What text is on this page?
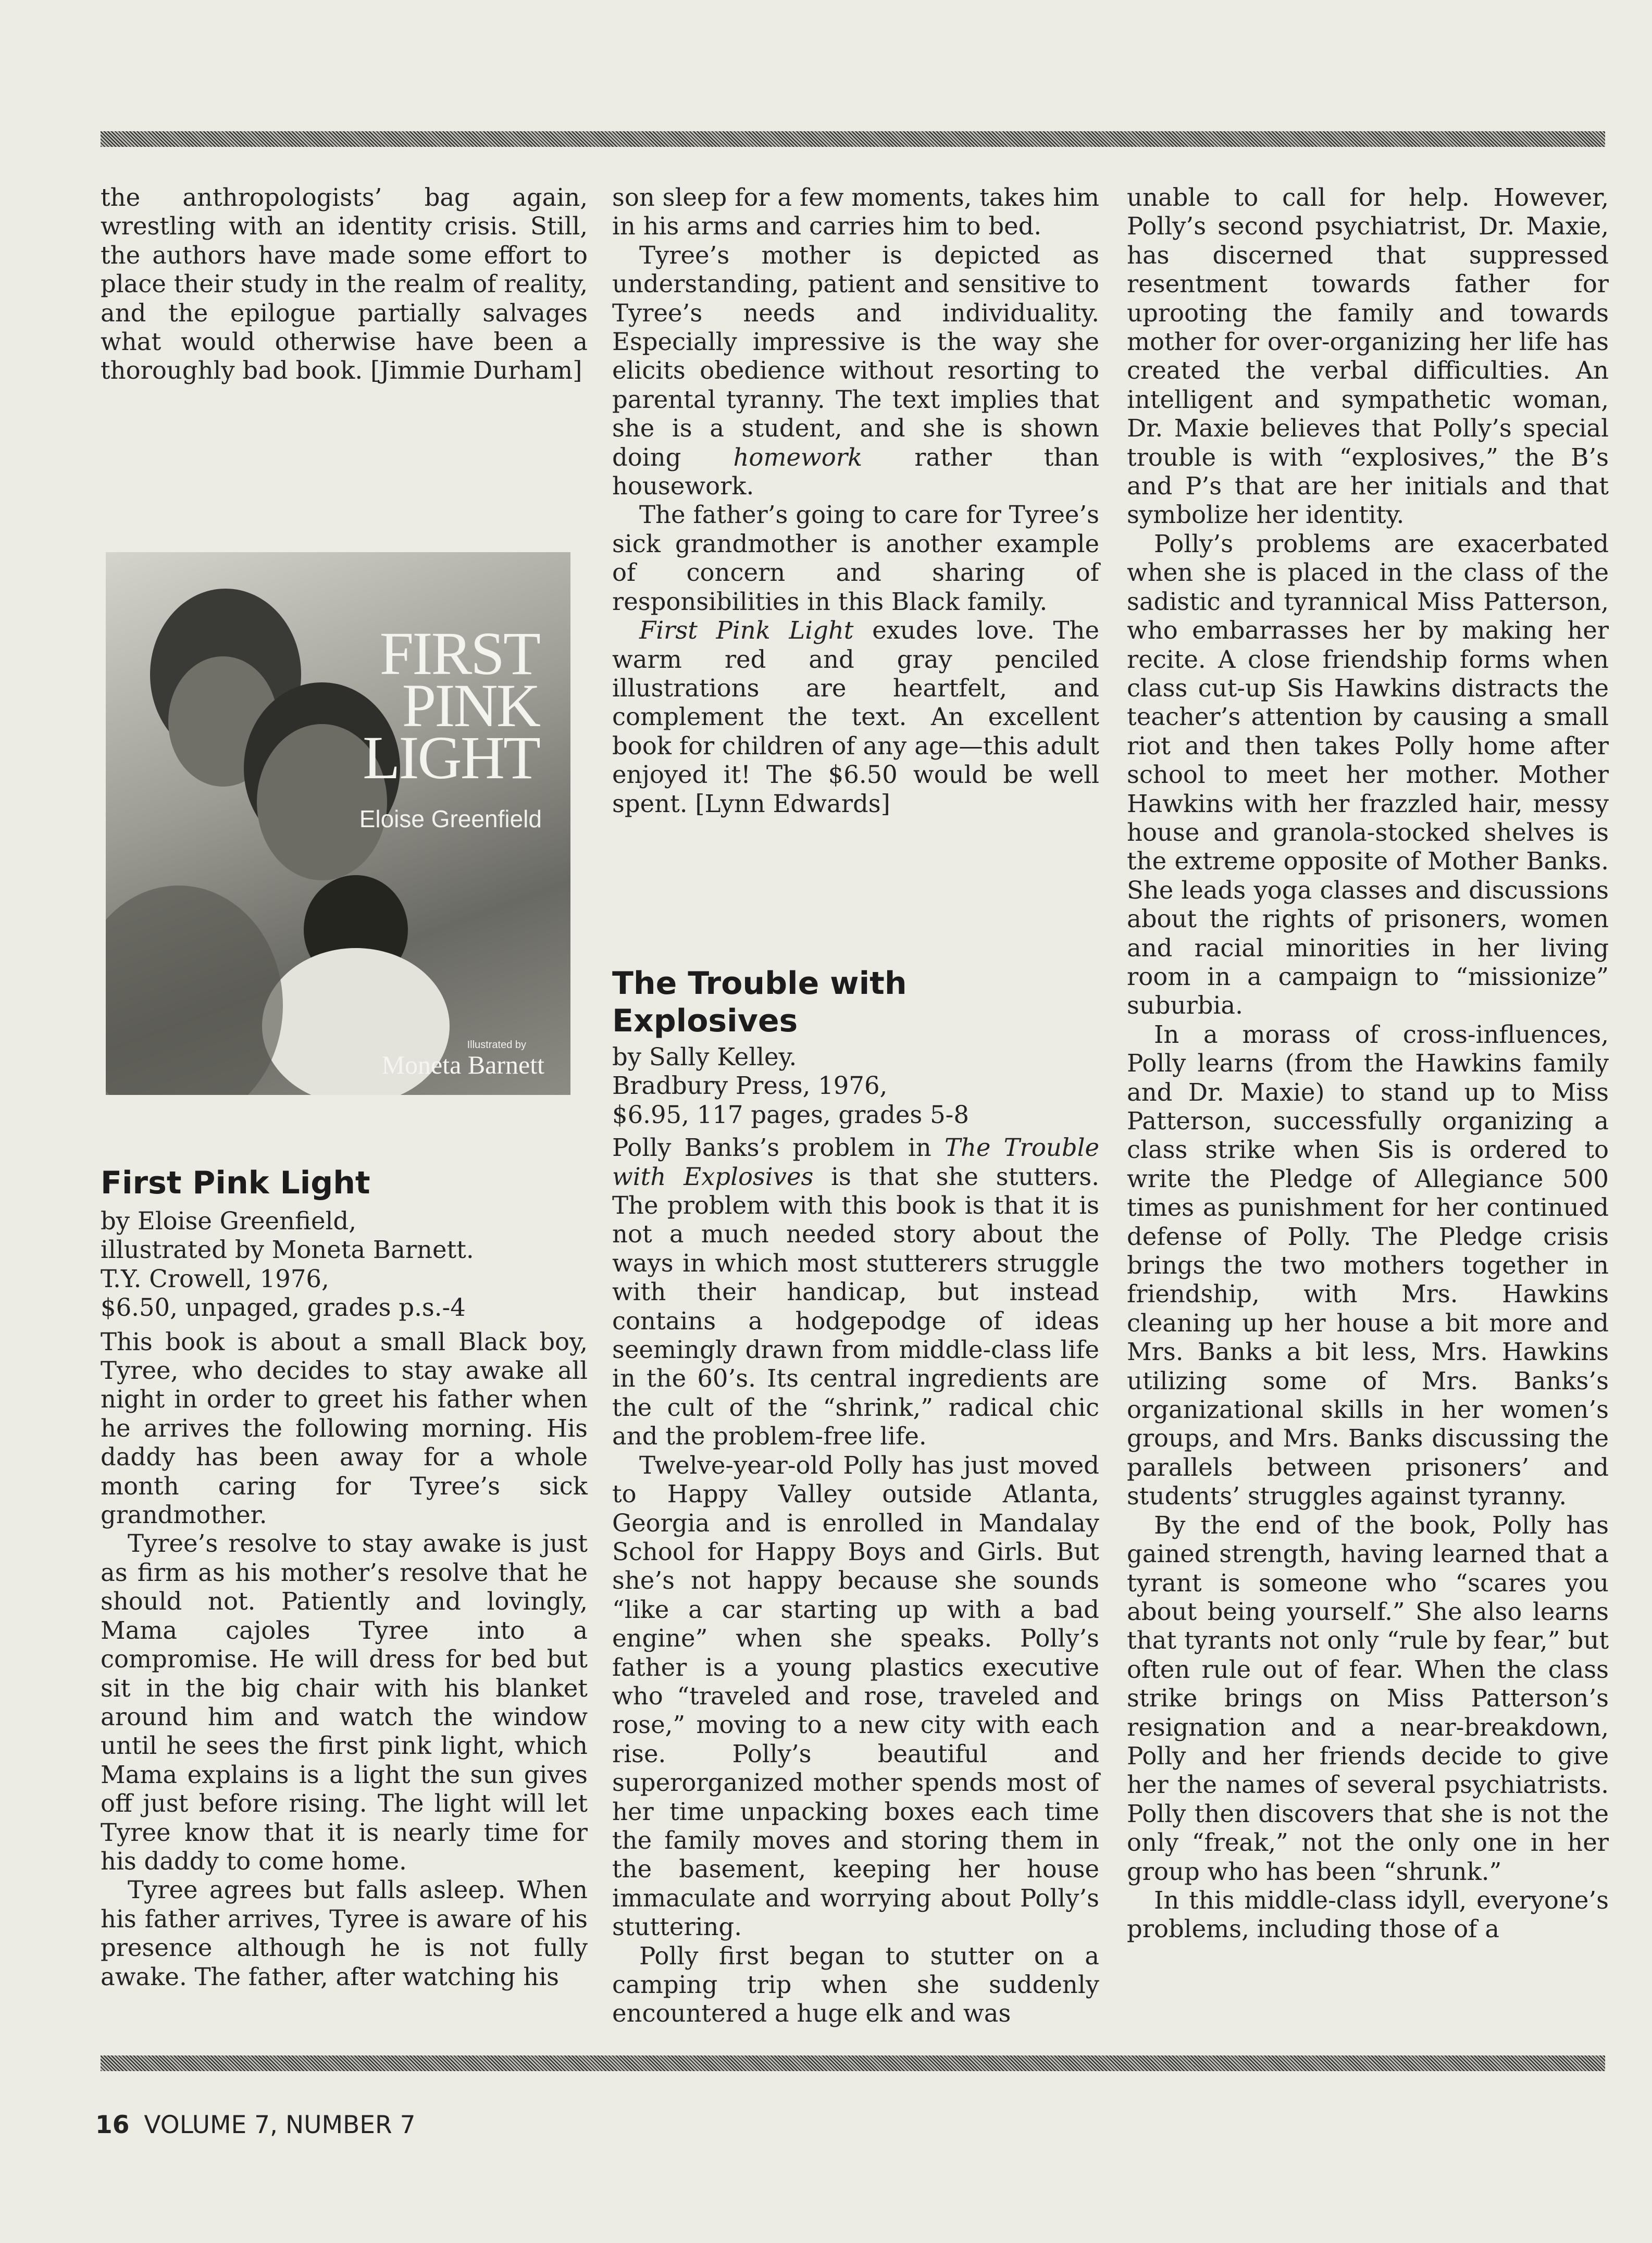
the anthropologists’ bag again, wrestling with an identity crisis. Still, the authors have made some effort to place their study in the realm of reality, and the epilogue partially salvages what would otherwise have been a thoroughly bad book. [Jimmie Durham]

FIRST
PINK
LIGHT
Eloise Greenfield
Illustrated by
Moneta Barnett
First Pink Light
by Eloise Greenfield,
illustrated by Moneta Barnett.
T.Y. Crowell, 1976,
$6.50, unpaged, grades p.s.-4

This book is about a small Black boy, Tyree, who decides to stay awake all night in order to greet his father when he arrives the following morning. His daddy has been away for a whole month caring for Tyree’s sick grandmother.

Tyree’s resolve to stay awake is just as firm as his mother’s resolve that he should not. Patiently and lovingly, Mama cajoles Tyree into a compromise. He will dress for bed but sit in the big chair with his blanket around him and watch the window until he sees the first pink light, which Mama explains is a light the sun gives off just before rising. The light will let Tyree know that it is nearly time for his daddy to come home.

Tyree agrees but falls asleep. When his father arrives, Tyree is aware of his presence although he is not fully awake. The father, after watching his

son sleep for a few moments, takes him in his arms and carries him to bed.

Tyree’s mother is depicted as understanding, patient and sensitive to Tyree’s needs and individuality. Especially impressive is the way she elicits obedience without resorting to parental tyranny. The text implies that she is a student, and she is shown doing homework rather than housework.

The father’s going to care for Tyree’s sick grandmother is another example of concern and sharing of responsibilities in this Black family.

First Pink Light exudes love. The warm red and gray penciled illustrations are heartfelt, and complement the text. An excellent book for children of any age—this adult enjoyed it! The $6.50 would be well spent. [Lynn Edwards]

The Trouble with Explosives
by Sally Kelley.
Bradbury Press, 1976,
$6.95, 117 pages, grades 5-8

Polly Banks’s problem in The Trouble with Explosives is that she stutters. The problem with this book is that it is not a much needed story about the ways in which most stutterers struggle with their handicap, but instead contains a hodgepodge of ideas seemingly drawn from middle-class life in the 60’s. Its central ingredients are the cult of the “shrink,” radical chic and the problem-free life.

Twelve-year-old Polly has just moved to Happy Valley outside Atlanta, Georgia and is enrolled in Mandalay School for Happy Boys and Girls. But she’s not happy because she sounds “like a car starting up with a bad engine” when she speaks. Polly’s father is a young plastics executive who “traveled and rose, traveled and rose,” moving to a new city with each rise. Polly’s beautiful and superorganized mother spends most of her time unpacking boxes each time the family moves and storing them in the basement, keeping her house immaculate and worrying about Polly’s stuttering.

Polly first began to stutter on a camping trip when she suddenly encountered a huge elk and was

unable to call for help. However, Polly’s second psychiatrist, Dr. Maxie, has discerned that suppressed resentment towards father for uprooting the family and towards mother for over-organizing her life has created the verbal difficulties. An intelligent and sympathetic woman, Dr. Maxie believes that Polly’s special trouble is with “explosives,” the B’s and P’s that are her initials and that symbolize her identity.

Polly’s problems are exacerbated when she is placed in the class of the sadistic and tyrannical Miss Patterson, who embarrasses her by making her recite. A close friendship forms when class cut-up Sis Hawkins distracts the teacher’s attention by causing a small riot and then takes Polly home after school to meet her mother. Mother Hawkins with her frazzled hair, messy house and granola-stocked shelves is the extreme opposite of Mother Banks. She leads yoga classes and discussions about the rights of prisoners, women and racial minorities in her living room in a campaign to “missionize” suburbia.

In a morass of cross-influences, Polly learns (from the Hawkins family and Dr. Maxie) to stand up to Miss Patterson, successfully organizing a class strike when Sis is ordered to write the Pledge of Allegiance 500 times as punishment for her continued defense of Polly. The Pledge crisis brings the two mothers together in friendship, with Mrs. Hawkins cleaning up her house a bit more and Mrs. Banks a bit less, Mrs. Hawkins utilizing some of Mrs. Banks’s organizational skills in her women’s groups, and Mrs. Banks discussing the parallels between prisoners’ and students’ struggles against tyranny.

By the end of the book, Polly has gained strength, having learned that a tyrant is someone who “scares you about being yourself.” She also learns that tyrants not only “rule by fear,” but often rule out of fear. When the class strike brings on Miss Patterson’s resignation and a near-breakdown, Polly and her friends decide to give her the names of several psychiatrists. Polly then discovers that she is not the only “freak,” not the only one in her group who has been “shrunk.”

In this middle-class idyll, everyone’s problems, including those of a

16 VOLUME 7, NUMBER 7
